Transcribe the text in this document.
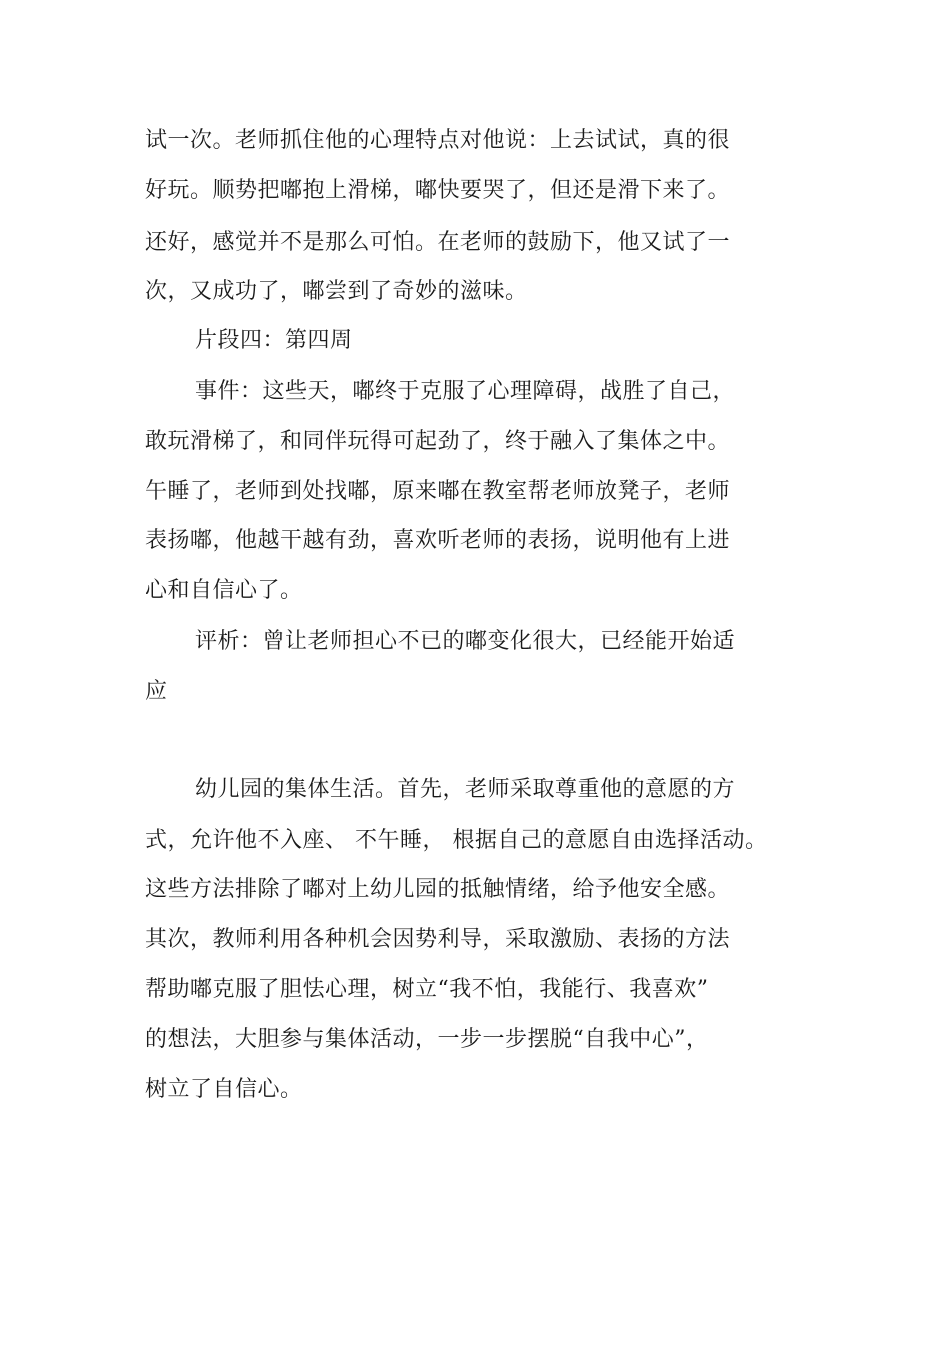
试一次。老师抓住他的心理特点对他说：上去试试，真的很
好玩。顺势把嘟抱上滑梯，嘟快要哭了，但还是滑下来了。
还好，感觉并不是那么可怕。在老师的鼓励下，他又试了一
次，又成功了，嘟尝到了奇妙的滋味。
片段四：第四周
事件：这些天，嘟终于克服了心理障碍，战胜了自己，
敢玩滑梯了，和同伴玩得可起劲了，终于融入了集体之中。
午睡了，老师到处找嘟，原来嘟在教室帮老师放凳子，老师
表扬嘟，他越干越有劲，喜欢听老师的表扬，说明他有上进
心和自信心了。
评析：曾让老师担心不已的嘟变化很大，已经能开始适
应
幼儿园的集体生活。首先，老师采取尊重他的意愿的方
式，允许他不入座、 不午睡， 根据自己的意愿自由选择活动。
这些方法排除了嘟对上幼儿园的抵触情绪，给予他安全感。
其次，教师利用各种机会因势利导，采取激励、表扬的方法
帮助嘟克服了胆怯心理，树立“我不怕，我能行、我喜欢”
的想法，大胆参与集体活动，一步一步摆脱“自我中心”，
树立了自信心。
